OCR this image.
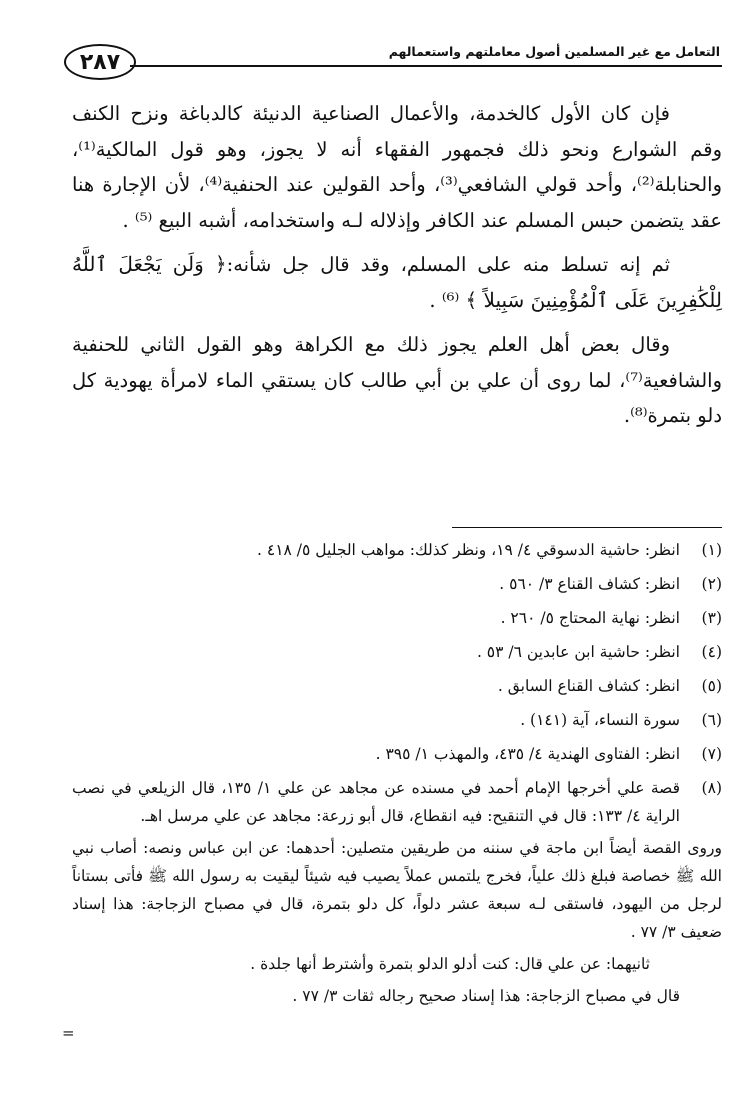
التعامل مع غير المسلمين أصول معاملتهم واستعمالهم
٢٨٧

فإن كان الأول كالخدمة، والأعمال الصناعية الدنيئة كالدباغة ونزح الكنف وقم الشوارع ونحو ذلك فجمهور الفقهاء أنه لا يجوز، وهو قول المالكية⁽¹⁾، والحنابلة⁽²⁾، وأحد قولي الشافعي⁽³⁾، وأحد القولين عند الحنفية⁽⁴⁾، لأن الإجارة هنا عقد يتضمن حبس المسلم عند الكافر وإذلاله لـه واستخدامه، أشبه البيع ⁽⁵⁾ .

ثم إنه تسلط منه على المسلم، وقد قال جل شأنه:﴿ وَلَن يَجْعَلَ ٱللَّهُ لِلْكَٰفِرِينَ عَلَى ٱلْمُؤْمِنِينَ سَبِيلاً ﴾ ⁽⁶⁾ .

وقال بعض أهل العلم يجوز ذلك مع الكراهة وهو القول الثاني للحنفية والشافعية⁽⁷⁾، لما روى أن علي بن أبي طالب كان يستقي الماء لامرأة يهودية كل دلو بتمرة⁽⁸⁾.

(١)
انظر: حاشية الدسوقي ٤/ ١٩، ونظر كذلك: مواهب الجليل ٥/ ٤١٨ .
(٢)
انظر: كشاف القناع ٣/ ٥٦٠ .
(٣)
انظر: نهاية المحتاج ٥/ ٢٦٠ .
(٤)
انظر: حاشية ابن عابدين ٦/ ٥٣ .
(٥)
انظر: كشاف القناع السابق .
(٦)
سورة النساء، آية (١٤١) .
(٧)
انظر: الفتاوى الهندية ٤/ ٤٣٥، والمهذب ١/ ٣٩٥ .
(٨)
قصة علي أخرجها الإمام أحمد في مسنده عن مجاهد عن علي ١/ ١٣٥، قال الزيلعي في نصب الراية ٤/ ١٣٣: قال في التنقيح: فيه انقطاع، قال أبو زرعة: مجاهد عن علي مرسل اهـ.
وروى القصة أيضاً ابن ماجة في سننه من طريقين متصلين: أحدهما: عن ابن عباس ونصه: أصاب نبي الله ﷺ خصاصة فبلغ ذلك علياً، فخرج يلتمس عملاً يصيب فيه شيئاً ليقيت به رسول الله ﷺ فأتى بستاناً لرجل من اليهود، فاستقى لـه سبعة عشر دلواً، كل دلو بتمرة، قال في مصباح الزجاجة: هذا إسناد ضعيف ٣/ ٧٧ .
ثانيهما: عن علي قال: كنت أدلو الدلو بتمرة وأشترط أنها جلدة .
قال في مصباح الزجاجة: هذا إسناد صحيح رجاله ثقات ٣/ ٧٧ .
=
